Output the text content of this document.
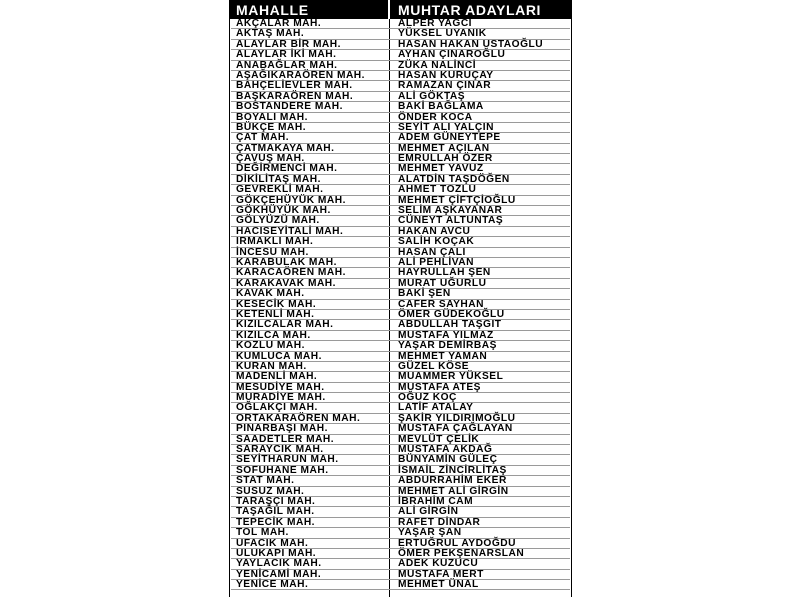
MAHALLE	MUHTAR ADAYLARI
AKÇALAR MAH.	ALPER YAĞCI
AKTAŞ MAH.	YÜKSEL UYANIK
ALAYLAR BİR MAH.	HASAN HAKAN USTAOĞLU
ALAYLAR İKİ MAH.	AYHAN ÇINAROĞLU
ANABAĞLAR MAH.	ZÜKA NALİNCİ
AŞAĞIKARAÖREN MAH.	HASAN KURUÇAY
BAHÇELİEVLER MAH.	RAMAZAN ÇINAR
BAŞKARAÖREN MAH.	ALİ GÖKTAŞ
BOSTANDERE MAH.	BAKİ BAĞLAMA
BOYALI MAH.	ÖNDER KOCA
BÜKÇE MAH.	SEYİT ALI YALÇIN
ÇAT MAH.	ADEM GÜNEYTEPE
ÇATMAKAYA MAH.	MEHMET AÇILAN
ÇAVUŞ MAH.	EMRULLAH ÖZER
DEĞİRMENCİ MAH.	MEHMET YAVUZ
DİKİLİTAŞ MAH.	ALATDİN TAŞDÖĞEN
GEVREKLİ MAH.	AHMET TOZLU
GÖKÇEHÜYÜK MAH.	MEHMET ÇİFTÇİOĞLU
GÖKHÜYÜK MAH.	SELİM AŞKAYANAR
GÖLYÜZÜ MAH.	CÜNEYT ALTUNTAŞ
HACISEYİTALİ MAH.	HAKAN AVCU
IRMAKLI MAH.	SALİH KOÇAK
İNCESU MAH.	HASAN ÇALI
KARABULAK MAH.	ALİ PEHLİVAN
KARACAÖREN MAH.	HAYRULLAH ŞEN
KARAKAVAK MAH.	MURAT UĞURLU
KAVAK MAH.	BAKİ ŞEN
KESECİK MAH.	CAFER SAYHAN
KETENLİ MAH.	ÖMER GÜDEKOĞLU
KIZILCALAR MAH.	ABDULLAH TAŞGIT
KIZILCA MAH.	MUSTAFA YILMAZ
KOZLU MAH.	YAŞAR DEMİRBAŞ
KUMLUCA MAH.	MEHMET YAMAN
KURAN MAH.	GÜZEL KÖSE
MADENLİ MAH.	MUAMMER YÜKSEL
MESUDİYE MAH.	MUSTAFA ATEŞ
MURADİYE MAH.	OĞUZ KOÇ
OĞLAKÇI MAH.	LATİF ATALAY
ORTAKARAÖREN MAH.	ŞAKİR YILDIRIMOĞLU
PINARBAŞI MAH.	MUSTAFA ÇAĞLAYAN
SAADETLER MAH.	MEVLÜT ÇELİK
SARAYCIK MAH.	MUSTAFA AKDAĞ
SEYİTHARUN MAH.	BÜNYAMİN GÜLEÇ
SOFUHANE MAH.	İSMAİL ZİNCİRLİTAŞ
STAT MAH.	ABDURRAHİM EKER
SUSUZ MAH.	MEHMET ALİ GİRGİN
TARAŞÇI MAH.	İBRAHİM CAM
TAŞAĞIL MAH.	ALİ GİRGİN
TEPECİK MAH.	RAFET DİNDAR
TOL MAH.	YAŞAR ŞAN
UFACIK MAH.	ERTUĞRUL AYDOĞDU
ULUKAPI MAH.	ÖMER PEKŞENARSLAN
YAYLACIK MAH.	ADEK KUZUCU
YENİCAMİ MAH.	MUSTAFA MERT
YENİCE MAH.	MEHMET ÜNAL
